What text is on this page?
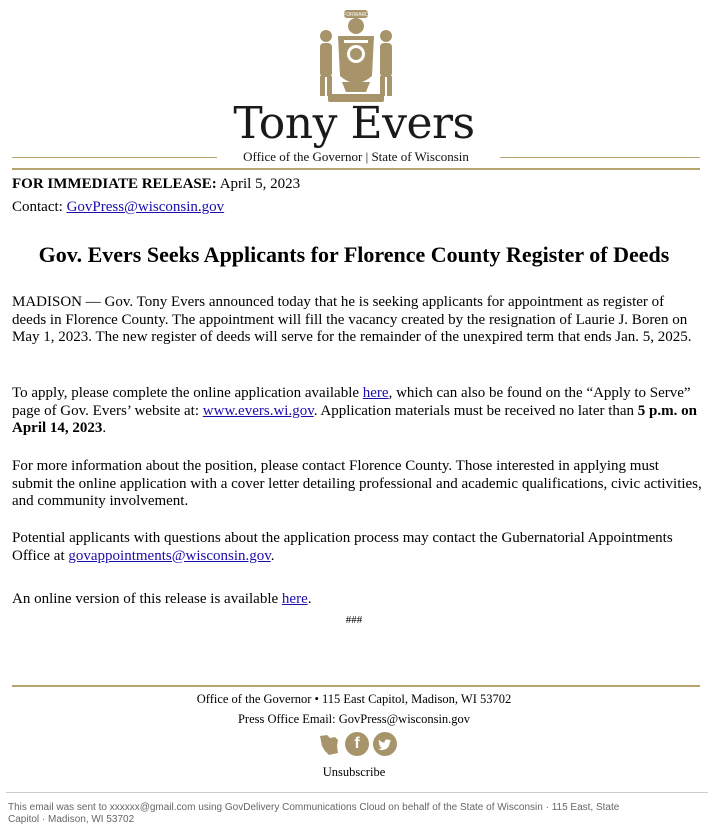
FORWARD
Tony Evers
Office of the Governor | State of Wisconsin
FOR IMMEDIATE RELEASE: April 5, 2023
Contact: GovPress@wisconsin.gov
Gov. Evers Seeks Applicants for Florence County Register of Deeds
MADISON — Gov. Tony Evers announced today that he is seeking applicants for appointment as register of deeds in Florence County. The appointment will fill the vacancy created by the resignation of Laurie J. Boren on May 1, 2023. The new register of deeds will serve for the remainder of the unexpired term that ends Jan. 5, 2025.
To apply, please complete the online application available here, which can also be found on the “Apply to Serve” page of Gov. Evers’ website at: www.evers.wi.gov. Application materials must be received no later than 5 p.m. on April 14, 2023.
For more information about the position, please contact Florence County. Those interested in applying must submit the online application with a cover letter detailing professional and academic qualifications, civic activities, and community involvement.
Potential applicants with questions about the application process may contact the Gubernatorial Appointments Office at govappointments@wisconsin.gov.
An online version of this release is available here.
###
Office of the Governor • 115 East Capitol, Madison, WI 53702
Press Office Email: GovPress@wisconsin.gov
f
Unsubscribe
This email was sent to xxxxxx@gmail.com using GovDelivery Communications Cloud on behalf of the State of Wisconsin · 115 East, State Capitol · Madison, WI 53702
